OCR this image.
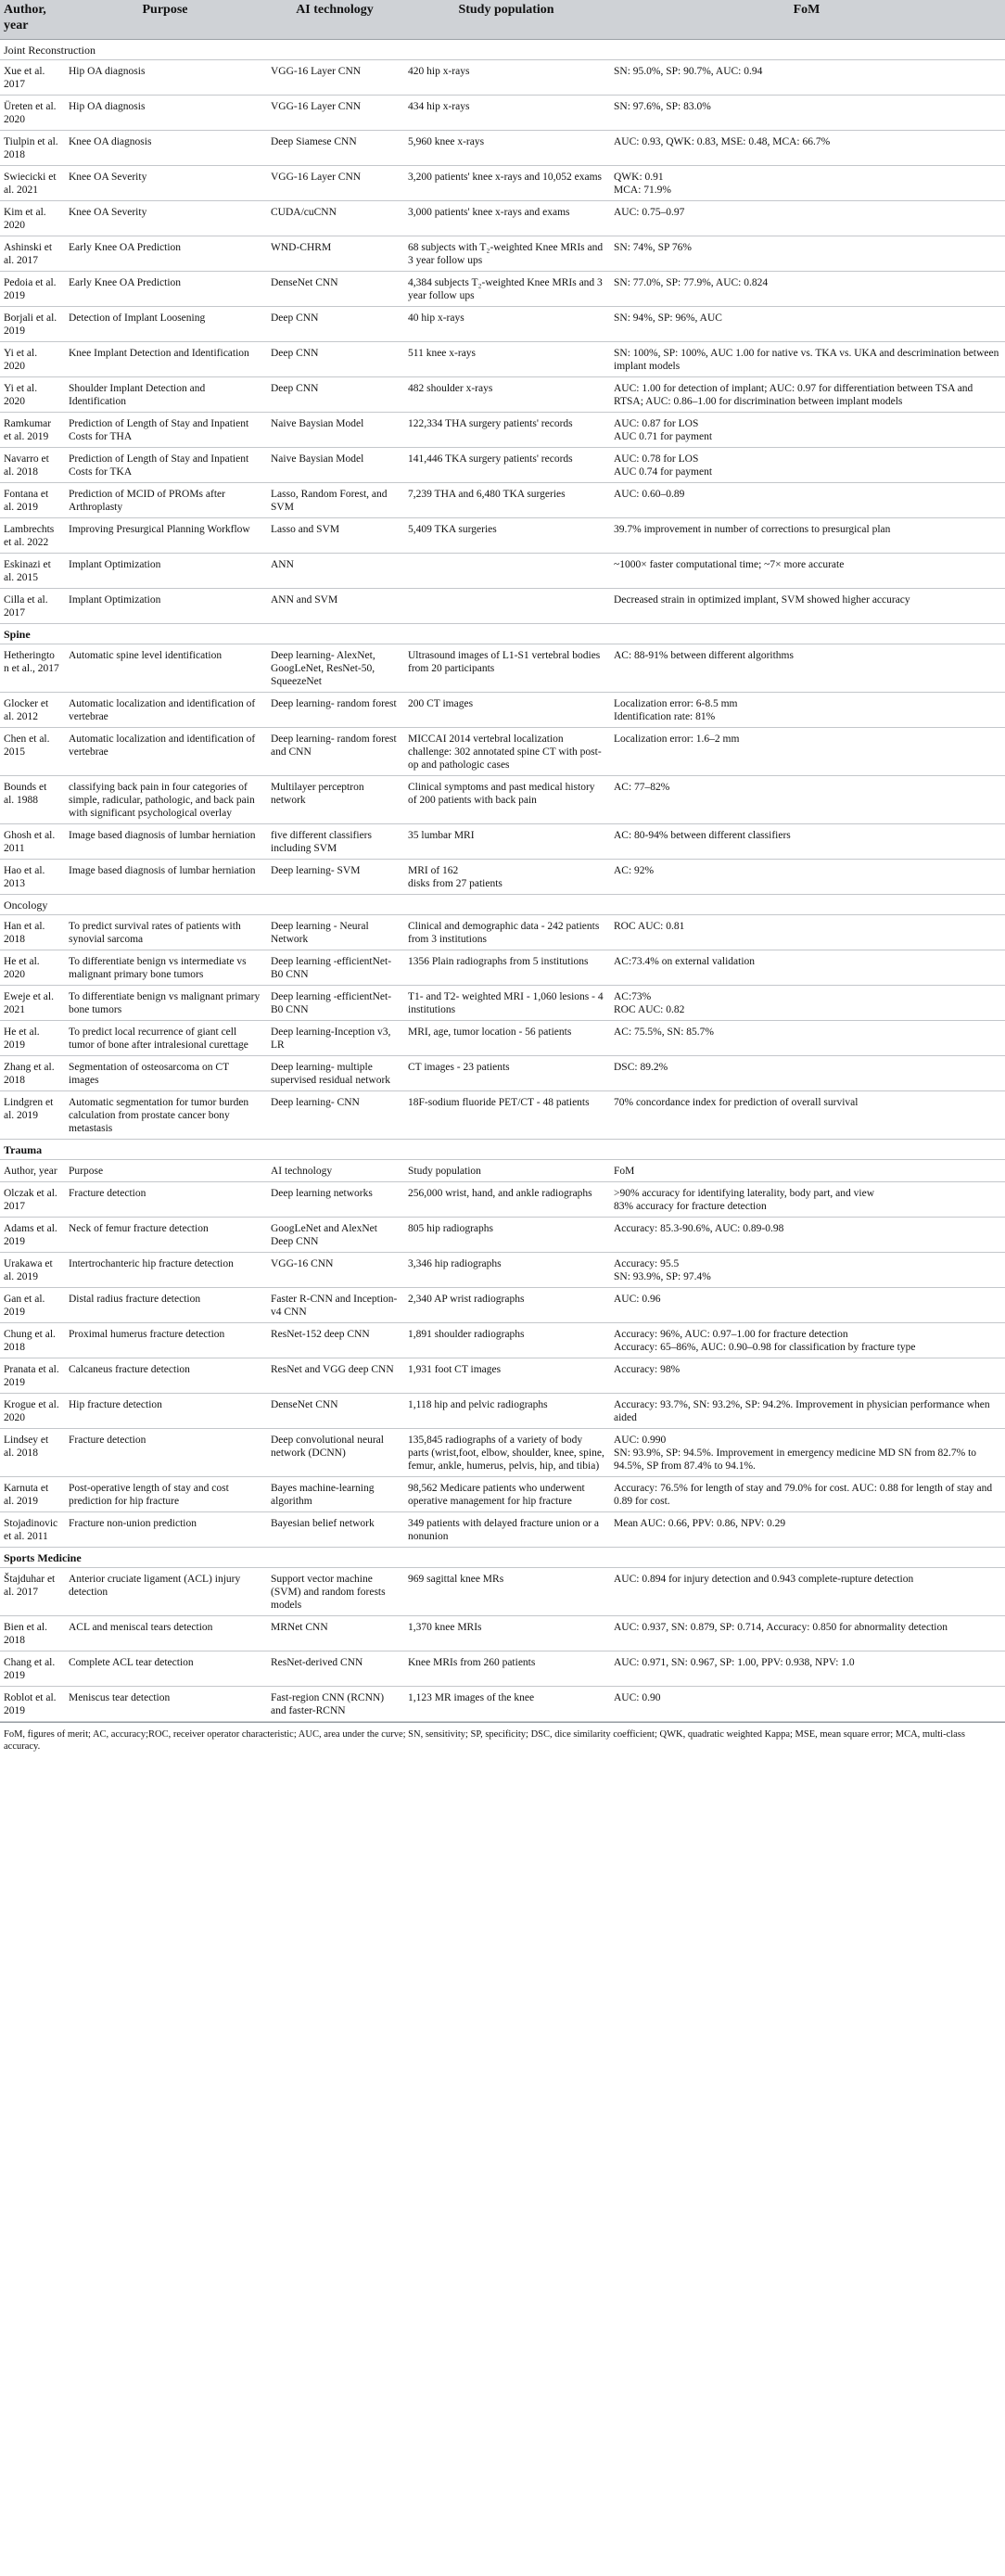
Author, year	Purpose	AI technology	Study population	FoM
Joint Reconstruction				
Xue et al. 2017	Hip OA diagnosis	VGG-16 Layer CNN	420 hip x-rays	SN: 95.0%, SP: 90.7%, AUC: 0.94
Üreten et al. 2020	Hip OA diagnosis	VGG-16 Layer CNN	434 hip x-rays	SN: 97.6%, SP: 83.0%
Tiulpin et al. 2018	Knee OA diagnosis	Deep Siamese CNN	5,960 knee x-rays	AUC: 0.93, QWK: 0.83, MSE: 0.48, MCA: 66.7%
Swiecicki et al. 2021	Knee OA Severity	VGG-16 Layer CNN	3,200 patients' knee x-rays and 10,052 exams	QWK: 0.91
MCA: 71.9%
Kim et al. 2020	Knee OA Severity	CUDA/cuCNN	3,000 patients' knee x-rays and exams	AUC: 0.75–0.97
Ashinski et al. 2017	Early Knee OA Prediction	WND-CHRM	68 subjects with T₂-weighted Knee MRIs and 3 year follow ups	SN: 74%, SP 76%
Pedoia et al. 2019	Early Knee OA Prediction	DenseNet CNN	4,384 subjects T₂-weighted Knee MRIs and 3 year follow ups	SN: 77.0%, SP: 77.9%, AUC: 0.824
Borjali et al. 2019	Detection of Implant Loosening	Deep CNN	40 hip x-rays	SN: 94%, SP: 96%, AUC
Yi et al. 2020	Knee Implant Detection and Identification	Deep CNN	511 knee x-rays	SN: 100%, SP: 100%, AUC 1.00 for native vs. TKA vs. UKA and descrimination between implant models
Yi et al. 2020	Shoulder Implant Detection and Identification	Deep CNN	482 shoulder x-rays	AUC: 1.00 for detection of implant; AUC: 0.97 for differentiation between TSA and RTSA; AUC: 0.86–1.00 for discrimination between implant models
Ramkumar et al. 2019	Prediction of Length of Stay and Inpatient Costs for THA	Naive Baysian Model	122,334 THA surgery patients' records	AUC: 0.87 for LOS
AUC 0.71 for payment
Navarro et al. 2018	Prediction of Length of Stay and Inpatient Costs for TKA	Naive Baysian Model	141,446 TKA surgery patients' records	AUC: 0.78 for LOS
AUC 0.74 for payment
Fontana et al. 2019	Prediction of MCID of PROMs after Arthroplasty	Lasso, Random Forest, and SVM	7,239 THA and 6,480 TKA surgeries	AUC: 0.60–0.89
Lambrechts et al. 2022	Improving Presurgical Planning Workflow	Lasso and SVM	5,409 TKA surgeries	39.7% improvement in number of corrections to presurgical plan
Eskinazi et al. 2015	Implant Optimization	ANN		~1000× faster computational time; ~7× more accurate
Cilla et al. 2017	Implant Optimization	ANN and SVM		Decreased strain in optimized implant, SVM showed higher accuracy
Spine				
Hetherington et al., 2017	Automatic spine level identification	Deep learning- AlexNet, GoogLeNet, ResNet-50, SqueezeNet	Ultrasound images of L1-S1 vertebral bodies from 20 participants	AC: 88-91% between different algorithms
Glocker et al. 2012	Automatic localization and identification of vertebrae	Deep learning- random forest	200 CT images	Localization error: 6-8.5 mm
Identification rate: 81%
Chen et al. 2015	Automatic localization and identification of vertebrae	Deep learning- random forest and CNN	MICCAI 2014 vertebral localization challenge: 302 annotated spine CT with post-op and pathologic cases	Localization error: 1.6–2 mm
Bounds et al. 1988	classifying back pain in four categories of simple, radicular, pathologic, and back pain with significant psychological overlay	Multilayer perceptron network	Clinical symptoms and past medical history of 200 patients with back pain	AC: 77–82%
Ghosh et al. 2011	Image based diagnosis of lumbar herniation	five different classifiers including SVM	35 lumbar MRI	AC: 80-94% between different classifiers
Hao et al. 2013	Image based diagnosis of lumbar herniation	Deep learning- SVM	MRI of 162
disks from 27 patients	AC: 92%
Oncology				
Han et al. 2018	To predict survival rates of patients with synovial sarcoma	Deep learning - Neural Network	Clinical and demographic data - 242 patients from 3 institutions	ROC AUC: 0.81
He et al. 2020	To differentiate benign vs intermediate vs malignant primary bone tumors	Deep learning -efficientNet-B0 CNN	1356 Plain radiographs from 5 institutions	AC:73.4% on external validation
Eweje et al. 2021	To differentiate benign vs malignant primary bone tumors	Deep learning -efficientNet-B0 CNN	T1- and T2- weighted MRI - 1,060 lesions - 4 institutions	AC:73%
ROC AUC: 0.82
He et al. 2019	To predict local recurrence of giant cell tumor of bone after intralesional curettage	Deep learning-Inception v3, LR	MRI, age, tumor location - 56 patients	AC: 75.5%, SN: 85.7%
Zhang et al. 2018	Segmentation of osteosarcoma on CT images	Deep learning- multiple supervised residual network	CT images - 23 patients	DSC: 89.2%
Lindgren et al. 2019	Automatic segmentation for tumor burden calculation from prostate cancer bony metastasis	Deep learning- CNN	18F-sodium fluoride PET/CT - 48 patients	70% concordance index for prediction of overall survival
Trauma				
Author, year	Purpose	AI technology	Study population	FoM
Olczak et al. 2017	Fracture detection	Deep learning networks	256,000 wrist, hand, and ankle radiographs	>90% accuracy for identifying laterality, body part, and view
83% accuracy for fracture detection
Adams et al. 2019	Neck of femur fracture detection	GoogLeNet and AlexNet Deep CNN	805 hip radiographs	Accuracy: 85.3-90.6%, AUC: 0.89-0.98
Urakawa et al. 2019	Intertrochanteric hip fracture detection	VGG-16 CNN	3,346 hip radiographs	Accuracy: 95.5
SN: 93.9%, SP: 97.4%
Gan et al. 2019	Distal radius fracture detection	Faster R-CNN and Inception-v4 CNN	2,340 AP wrist radiographs	AUC: 0.96
Chung et al. 2018	Proximal humerus fracture detection	ResNet-152 deep CNN	1,891 shoulder radiographs	Accuracy: 96%, AUC: 0.97–1.00 for fracture detection
Accuracy: 65–86%, AUC: 0.90–0.98 for classification by fracture type
Pranata et al. 2019	Calcaneus fracture detection	ResNet and VGG deep CNN	1,931 foot CT images	Accuracy: 98%
Krogue et al. 2020	Hip fracture detection	DenseNet CNN	1,118 hip and pelvic radiographs	Accuracy: 93.7%, SN: 93.2%, SP: 94.2%. Improvement in physician performance when aided
Lindsey et al. 2018	Fracture detection	Deep convolutional neural network (DCNN)	135,845 radiographs of a variety of body parts (wrist,foot, elbow, shoulder, knee, spine, femur, ankle, humerus, pelvis, hip, and tibia)	AUC: 0.990
SN: 93.9%, SP: 94.5%. Improvement in emergency medicine MD SN from 82.7% to 94.5%, SP from 87.4% to 94.1%.
Karnuta et al. 2019	Post-operative length of stay and cost prediction for hip fracture	Bayes machine-learning algorithm	98,562 Medicare patients who underwent operative management for hip fracture	Accuracy: 76.5% for length of stay and 79.0% for cost. AUC: 0.88 for length of stay and 0.89 for cost.
Stojadinovic et al. 2011	Fracture non-union prediction	Bayesian belief network	349 patients with delayed fracture union or a nonunion	Mean AUC: 0.66, PPV: 0.86, NPV: 0.29
Sports Medicine				
Štajduhar et al. 2017	Anterior cruciate ligament (ACL) injury detection	Support vector machine (SVM) and random forests models	969 sagittal knee MRs	AUC: 0.894 for injury detection and 0.943 complete-rupture detection
Bien et al. 2018	ACL and meniscal tears detection	MRNet CNN	1,370 knee MRIs	AUC: 0.937, SN: 0.879, SP: 0.714, Accuracy: 0.850 for abnormality detection
Chang et al. 2019	Complete ACL tear detection	ResNet-derived CNN	Knee MRIs from 260 patients	AUC: 0.971, SN: 0.967, SP: 1.00, PPV: 0.938, NPV: 1.0
Roblot et al. 2019	Meniscus tear detection	Fast-region CNN (RCNN) and faster-RCNN	1,123 MR images of the knee	AUC: 0.90
FoM, figures of merit; AC, accuracy;ROC, receiver operator characteristic; AUC, area under the curve; SN, sensitivity; SP, specificity; DSC, dice similarity coefficient; QWK, quadratic weighted Kappa; MSE, mean square error; MCA, multi-class accuracy.
